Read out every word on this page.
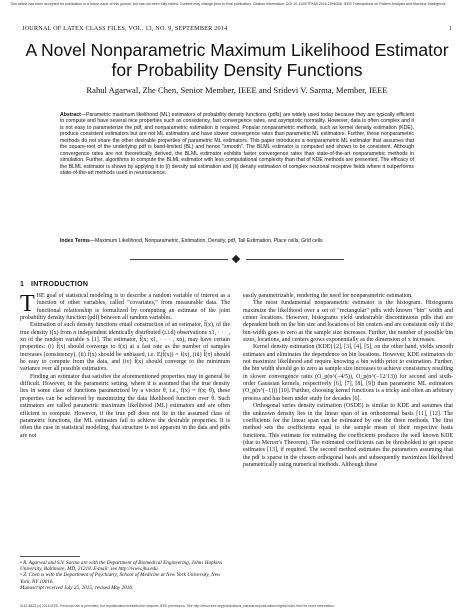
This article has been accepted for publication in a future issue of this journal, but has not been fully edited. Content may change prior to final publication. Citation information: DOI 10.1109/TPAMI.2016.2598308, IEEE Transactions on Pattern Analysis and Machine Intelligence
JOURNAL OF LATEX CLASS FILES, VOL. 13, NO. 9, SEPTEMBER 2014	1
A Novel Nonparametric Maximum Likelihood Estimator for Probability Density Functions
Rahul Agarwal, Zhe Chen, Senior Member, IEEE and Sridevi V. Sarma, Member, IEEE
Abstract—Parametric maximum likelihood (ML) estimators of probability density functions (pdfs) are widely used today because they are typically efficient to compute and have several nice properties such as consistency, fast convergence rates, and asymptotic normality. However, data is often complex and it is not easy to parameterize the pdf, and nonparametric estimation is required. Popular nonparametric methods, such as kernel density estimation (KDE), produce consistent estimators but are not ML estimators and have slower convergence rates than parametric ML estimators. Further, these nonparametric methods do not share the other desirable properties of parametric ML estimators. This paper introduces a nonparametric ML estimator that assumes that the square-root of the underlying pdf is band-limited (BL) and hence "smooth". The BLML estimator is computed and shown to be consistent. Although convergence rates are not theoretically derived, the BLML estimator exhibits faster convergence rates than state-of-the-art nonparametric methods in simulation. Further, algorithms to compute the BLML estimator with less computational complexity than that of KDE methods are presented. The efficacy of the BLML estimator is shown by applying it to (i) density tail estimation and (ii) density estimation of complex neuronal receptive fields where it outperforms state-of-the-art methods used in neuroscience.
Index Terms—Maximum Likelihood, Nonparametric, Estimation, Density, pdf, Tail Estimation, Place cells, Grid cells
1 INTRODUCTION

THE goal of statistical modeling is to describe a random variable of interest as a function of other variables, called "covariates," from measurable data. The functional relationship is formalized by computing an estimate of the joint probability density function (pdf) between all random variables.

Estimation of such density functions entail construction of an estimator, f̂(x), of the true density f(x) from n independent identically distributed (i.i.d) observations x1, · · · , xn of the random variable x [1]. The estimator, f̂(x; x1, · · · , xn), may have certain properties: (i) f̂(x) should converge to f(x) at a fast rate as the number of samples increases (consistency), (ii) f̂(x) should be unbiased, i.e. E(f̂(x)) = f(x), (iii) f̂(x) should be easy to compute from the data, and (iv) f̂(x) should converge to the minimum variance over all possible estimators.

Finding an estimator that satisfies the aforementioned properties may in general be difficult. However, in the parametric setting, where it is assumed that the true density lies in some class of functions parametrized by a vector θ, i.e., f(x) = f(x; θ), these properties can be achieved by maximizing the data likelihood function over θ. Such estimators are called parametric maximum likelihood (ML) estimators and are often efficient to compute. However, if the true pdf does not lie in the assumed class of parametric functions, the ML estimates fail to achieve the desirable properties. It is often the case in statistical modeling, that structure is not apparent in the data and pdfs are not

• R. Agarwal and S.V. Sarma are with the Department of Biomedical Engineering, Johns Hopkins University, Baltimore, MD, 21218. E-mail: see http://www.jhu.edu

• Z. Chen is with the Department of Psychiatry, School of Medicine at New York University, New York, NY 10016.

Manuscript received July 25, 2015; revised May 2016.

easily parametrizable, rendering the need for nonparametric estimation.

The most fundamental nonparametric estimator is the histogram. Histograms maximize the likelihood over a set of "rectangular" pdfs with known "bin" width and center locations. However, histograms yield undesirable discontinuous pdfs that are dependent both on the bin size and locations of bin centers and are consistent only if the bin-width goes to zero as the sample size increases. Further, the number of possible bin sizes, locations, and centers grows exponentially as the dimension of x increases.

Kernel density estimation (KDE) [2], [3], [4], [5], on the other hand, yields smooth estimates and eliminates the dependence on bin locations. However, KDE estimators do not maximize likelihood and require knowing a bin width prior to estimation. Further, the bin width should go to zero as sample size increases to achieve consistency resulting in slower convergence rates (O_p(n^(−4/5)), O_p(n^(−12/13)) for second and sixth-order Gaussian kernels, respectively [6], [7], [8], [9]) than parametric ML estimators (O_p(n^(−1))) [10]. Further, choosing kernel functions is a tricky and often an arbitrary process and has been under study for decades [6].

Orthogonal series density estimation (OSDE) is similar to KDE and assumes that the unknown density lies in the linear span of an orthonormal basis [11], [12]. The coefficients for the linear span can be estimated by one the three methods. The first method sets the coefficients equal to the sample mean of their respective basis functions. This estimate for estimating the coefficients produces the well known KDE (due to Mercer's Theorem). The estimated coefficients can be thresholded to get sparse estimates [13], if required. The second method estimates the parameters assuming that the pdf is sparse in the chosen orthogonal basis and subsequently maximizes likelihood parametrically using numerical methods. Although these

0162-8828 (c) 2016 IEEE. Personal use is permitted, but republication/redistribution requires IEEE permission. See http://www.ieee.org/publications_standards/publications/rights/index.html for more information.
